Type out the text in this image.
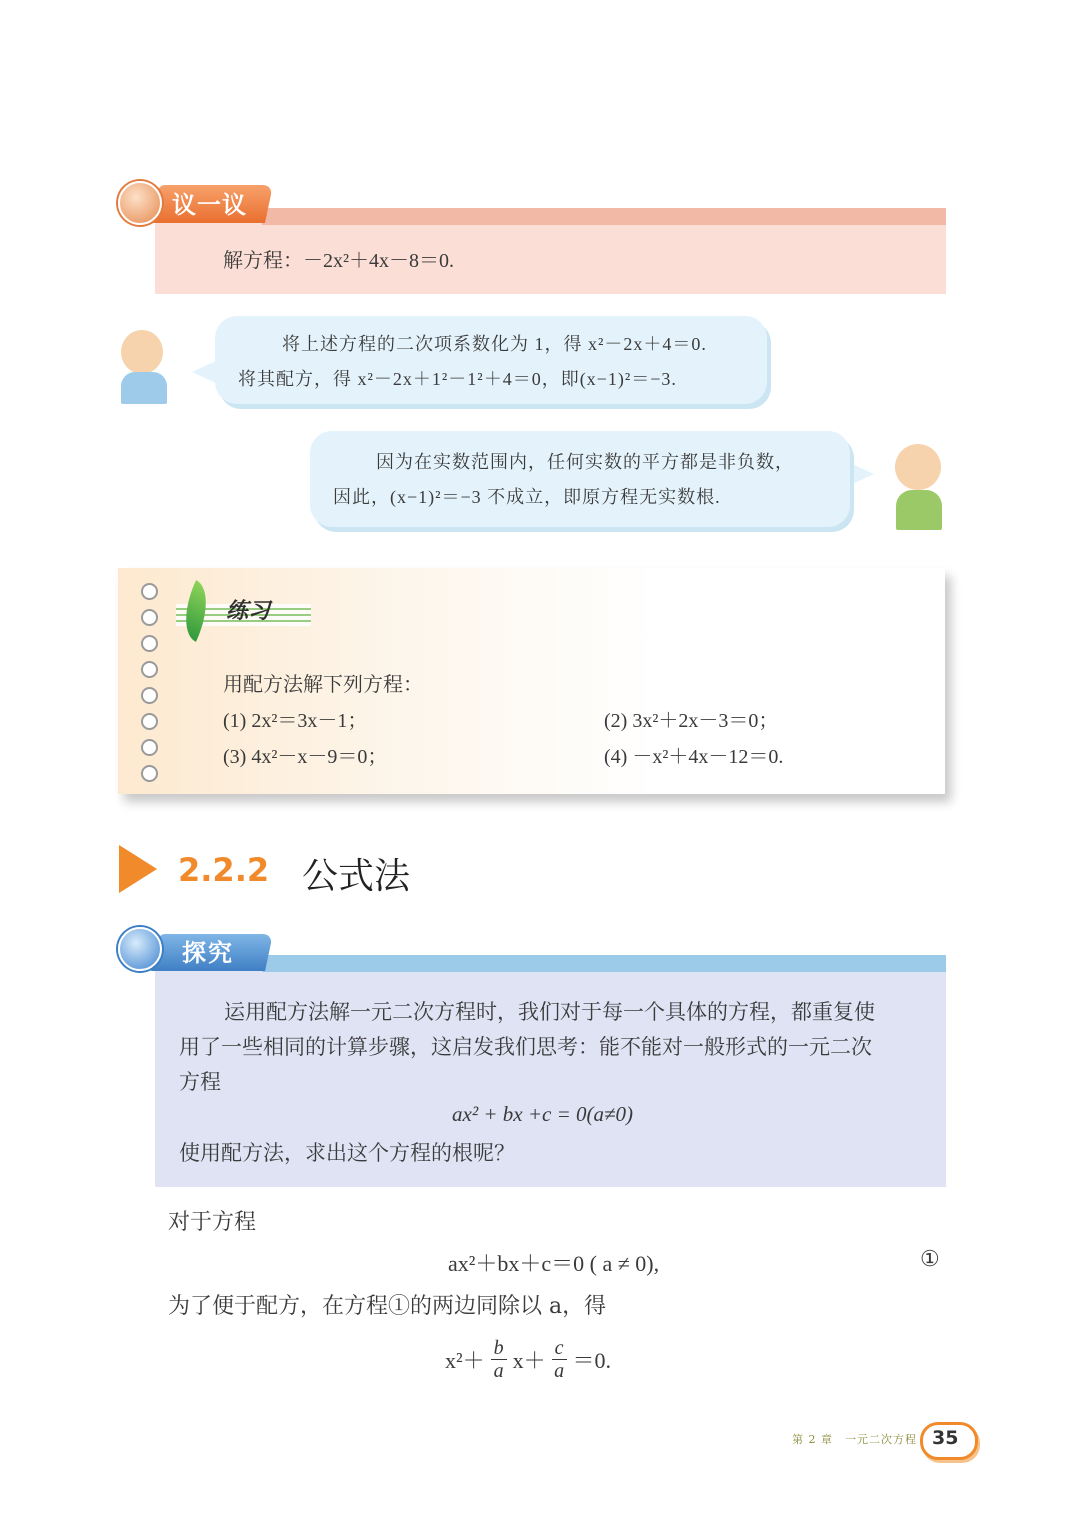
议一议
解方程：－2x²＋4x－8＝0.
将上述方程的二次项系数化为 1，得 x²－2x＋4＝0.
将其配方，得 x²－2x＋1²－1²＋4＝0，即(x−1)²＝−3.
因为在实数范围内，任何实数的平方都是非负数，
因此，(x−1)²＝−3 不成立，即原方程无实数根.
练习
用配方法解下列方程：
(1) 2x²＝3x－1；	(2) 3x²＋2x－3＝0；
(3) 4x²－x－9＝0；	(4) －x²＋4x－12＝0.
2.2.2 公式法
探究
运用配方法解一元二次方程时，我们对于每一个具体的方程，都重复使
用了一些相同的计算步骤，这启发我们思考：能不能对一般形式的一元二次
方程
ax² + bx +c = 0(a≠0)
使用配方法，求出这个方程的根呢？
对于方程
ax²＋bx＋c＝0 ( a ≠ 0),	①
为了便于配方，在方程①的两边同除以 a，得
$x^2+ \frac{b}{a} x+ \frac{c}{a} =0$.
第 2 章　一元二次方程 35
